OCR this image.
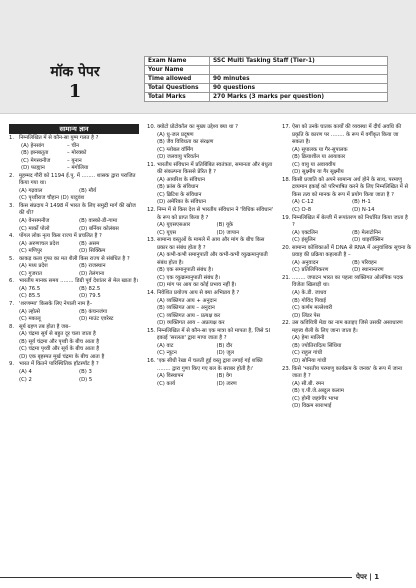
मॉक पेपर
1
Exam Name	SSC Multi Tasking Staff (Tier-1)
Your Name	
Time allowed	90 minutes
Total Questions	90 questions
Total Marks	270 Marks (3 marks per question)
सामान्य ज्ञान
1. निम्नलिखित में से कौन-सा युग्म गलत है ?
(A) हेनसांग	– चीन
(B) इब्नबतूता	– मोरक्को
(C) मेगस्थनीज	– यूनान
(D) फाह्यान	– मंगोलिया
2. मुहम्मद गौरी को 1194 ई.पू. में ........ शासक द्वारा पराजित किया गया था।
(A) गढ़वाल	(B) मौर्य
(C) पृथ्वीराज चौहान (D) यादुवंश
3. किस संप्रदाय ने 1498 में भारत के लिए समुद्री मार्ग की खोज की थी?
(A) वेनसमनीज	(B) वास्को-डी-गामा
(C) मार्को पोलो	(D) बर्नियर कोलंबस
4. पोंगल लोक नृत्य किस राज्य में प्रचलित है ?
(A) अरुणाचल प्रदेश	(B) असम
(C) मणिपुर	(D) सिक्किम
5. काकड़ कला गुफा का मत शैली किस राज्य से संबंधित है ?
(A) मध्य प्रदेश	(B) राजस्थान
(C) गुजरात	(D) तेलंगाना
6. भारतीय मानक समय ........ डिग्री पूर्व देशांतर से मेल खाता है।
(A) 76.5	(B) 82.5
(C) 85.5	(D) 79.5
7. 'शरणम्मा' किसके लिए नेपाली नाम है–
(A) ल्होत्से	(B) कंचनजंगा
(C) मकालू	(D) माउंट एवरेस्ट
8. सूर्य ग्रहण तब होता है जब–
(A) चंद्रमा सूर्य से बहुत दूर चला जाता है
(B) सूर्य चंद्रमा और पृथ्वी के बीच आता है
(C) चंद्रमा पृथ्वी और सूर्य के बीच आता है
(D) एक बृहस्पत मूर्ख चंद्रमा के बीच आता है
9. भारत में कितने पारिस्थितिक हॉटस्पॉट है ?
(A) 4	(B) 3
(C) 2	(D) 5
10. क्योटो प्रोटोकॉल का मुख्य उद्देश्य क्या था ?
(A) धु-जल प्रदूषण
(B) जैव विविधता का संरक्षण
(C) ग्लोबल वॉर्मिंग
(D) जलवायु परिवर्तन
11. भारतीय संविधान में प्रतिबिंबित स्वतंत्रता, समानता और बंधुता की संकल्पना किससे प्रेरित है ?
(A) आयरिश के संविधान
(B) फ्रांस के संविधान
(C) ब्रिटिश के संविधान
(D) अमेरिका के संविधान
12. निम्न में से किस देश से भारतीय संविधान ने 'विधिक संविधान' के रूप को प्राप्त किया है ?
(A) यूएसएसआर	(B) यूके
(C) यूएस	(D) जापान
13. सामान्य वस्तुओं के मामले में आय और मांग के बीच किस प्रकार का संबंध होता है ?
(A) कभी-कभी समानुपाती और कभी-कभी व्युत्क्रमानुपाती संबंध होता है।
(B) एक समानुपाती संबंध है।
(C) एक व्युत्क्रमानुपाती संबंध है।
(D) मांग पर आय का कोई प्रभाव नहीं है।
14. निवेशित प्रयोज्य आय से क्या अभिप्राय है ?
(A) व्यक्तिगत आय + अनुदान
(B) व्यक्तिगत आय – अनुदान
(C) व्यक्तिगत आय – प्रत्यक्ष कर
(D) व्यक्तिगत आय – अप्रत्यक्ष कर
15. निम्नलिखित में से कौन-सा एक मात्रा को मापता है, जिसे SI इकाई 'सरलता' द्वारा मापा जाता है ?
(A) वाट	(B) दौर
(C) न्यूटन	(D) जूल
16. 'एक सीधी रेखा में चलती हुई वस्तु द्वारा लगाई गई शक्ति ........ द्वारा गुणा किए गए बल के बराबर होती है।'
(A) विस्थापन	(B) वेग
(C) कार्य	(D) त्वरण
17. ऐसा को उनके घातक कार्यों की व्यवस्था में दीर्घ अवधि की प्रकृति के कारण पर ........ के रूप में वर्गीकृत किया जा सकता है।
(A) सूपालक या गैर-सुपालक
(B) क्रियाशील या आयाकार
(C) वायु या अवायवीय
(D) सूक्ष्मीय या गैर सूक्ष्मीय
18. किसी प्रजाति को अपने सामान्य अर्थ होने के साथ, परमाणु द्रव्यमान इकाई को परिभाषित करने के लिए निम्नलिखित में से किस तत्व को मानक के रूप में प्रयोग किया जाता है ?
(A) C-12	(B) H-1
(C) O-8	(D) N-14
19. निम्नलिखित में बेल्जी में रूपांतरण को निर्धारित किया जाता है ?
(A) एक्टलिन	(B) मेलाटोनिन
(C) इंसुलिन	(D) थाइरॉक्सिन
20. सामान्य कोशिकाओं में DNA से RNA में अनुवांशिक सूचना के प्रवाह की प्रक्रिया कहलाती है –
(A) अनुवादन	(B) परिवहन
(C) प्रतिलिपिकरण	(D) स्थानान्तरण
21. ........ जपाटन भारत का पहला व्यक्तिगत ओलंपिक पदक विजेता खिलाड़ी था।
(A) के.डी. जाधव
(B) गोविंद पिवाई
(C) कर्णम मल्लेश्वरी
(D) लिंडर पेस
22. उस कवियित्री मेडा का नाम बताइए जिसे उसकी असाधारण महत्त्व शैली के लिए जाना जाता है।
(A) हेमा मालिनी
(B) ज्योतिरादित्य सिंधिया
(C) राहुल गांधी
(D) सोनिया गांधी
23. किसे 'भारतीय परमाणु कार्यक्रम के जनक' के रूप में जाना जाता है ?
(A) सी.बी. रमन
(B) ए.पी.जे.अब्दुल कलाम
(C) होमी जहांगीर भाभा
(D) विक्रम साराभाई
पेपर | 1
